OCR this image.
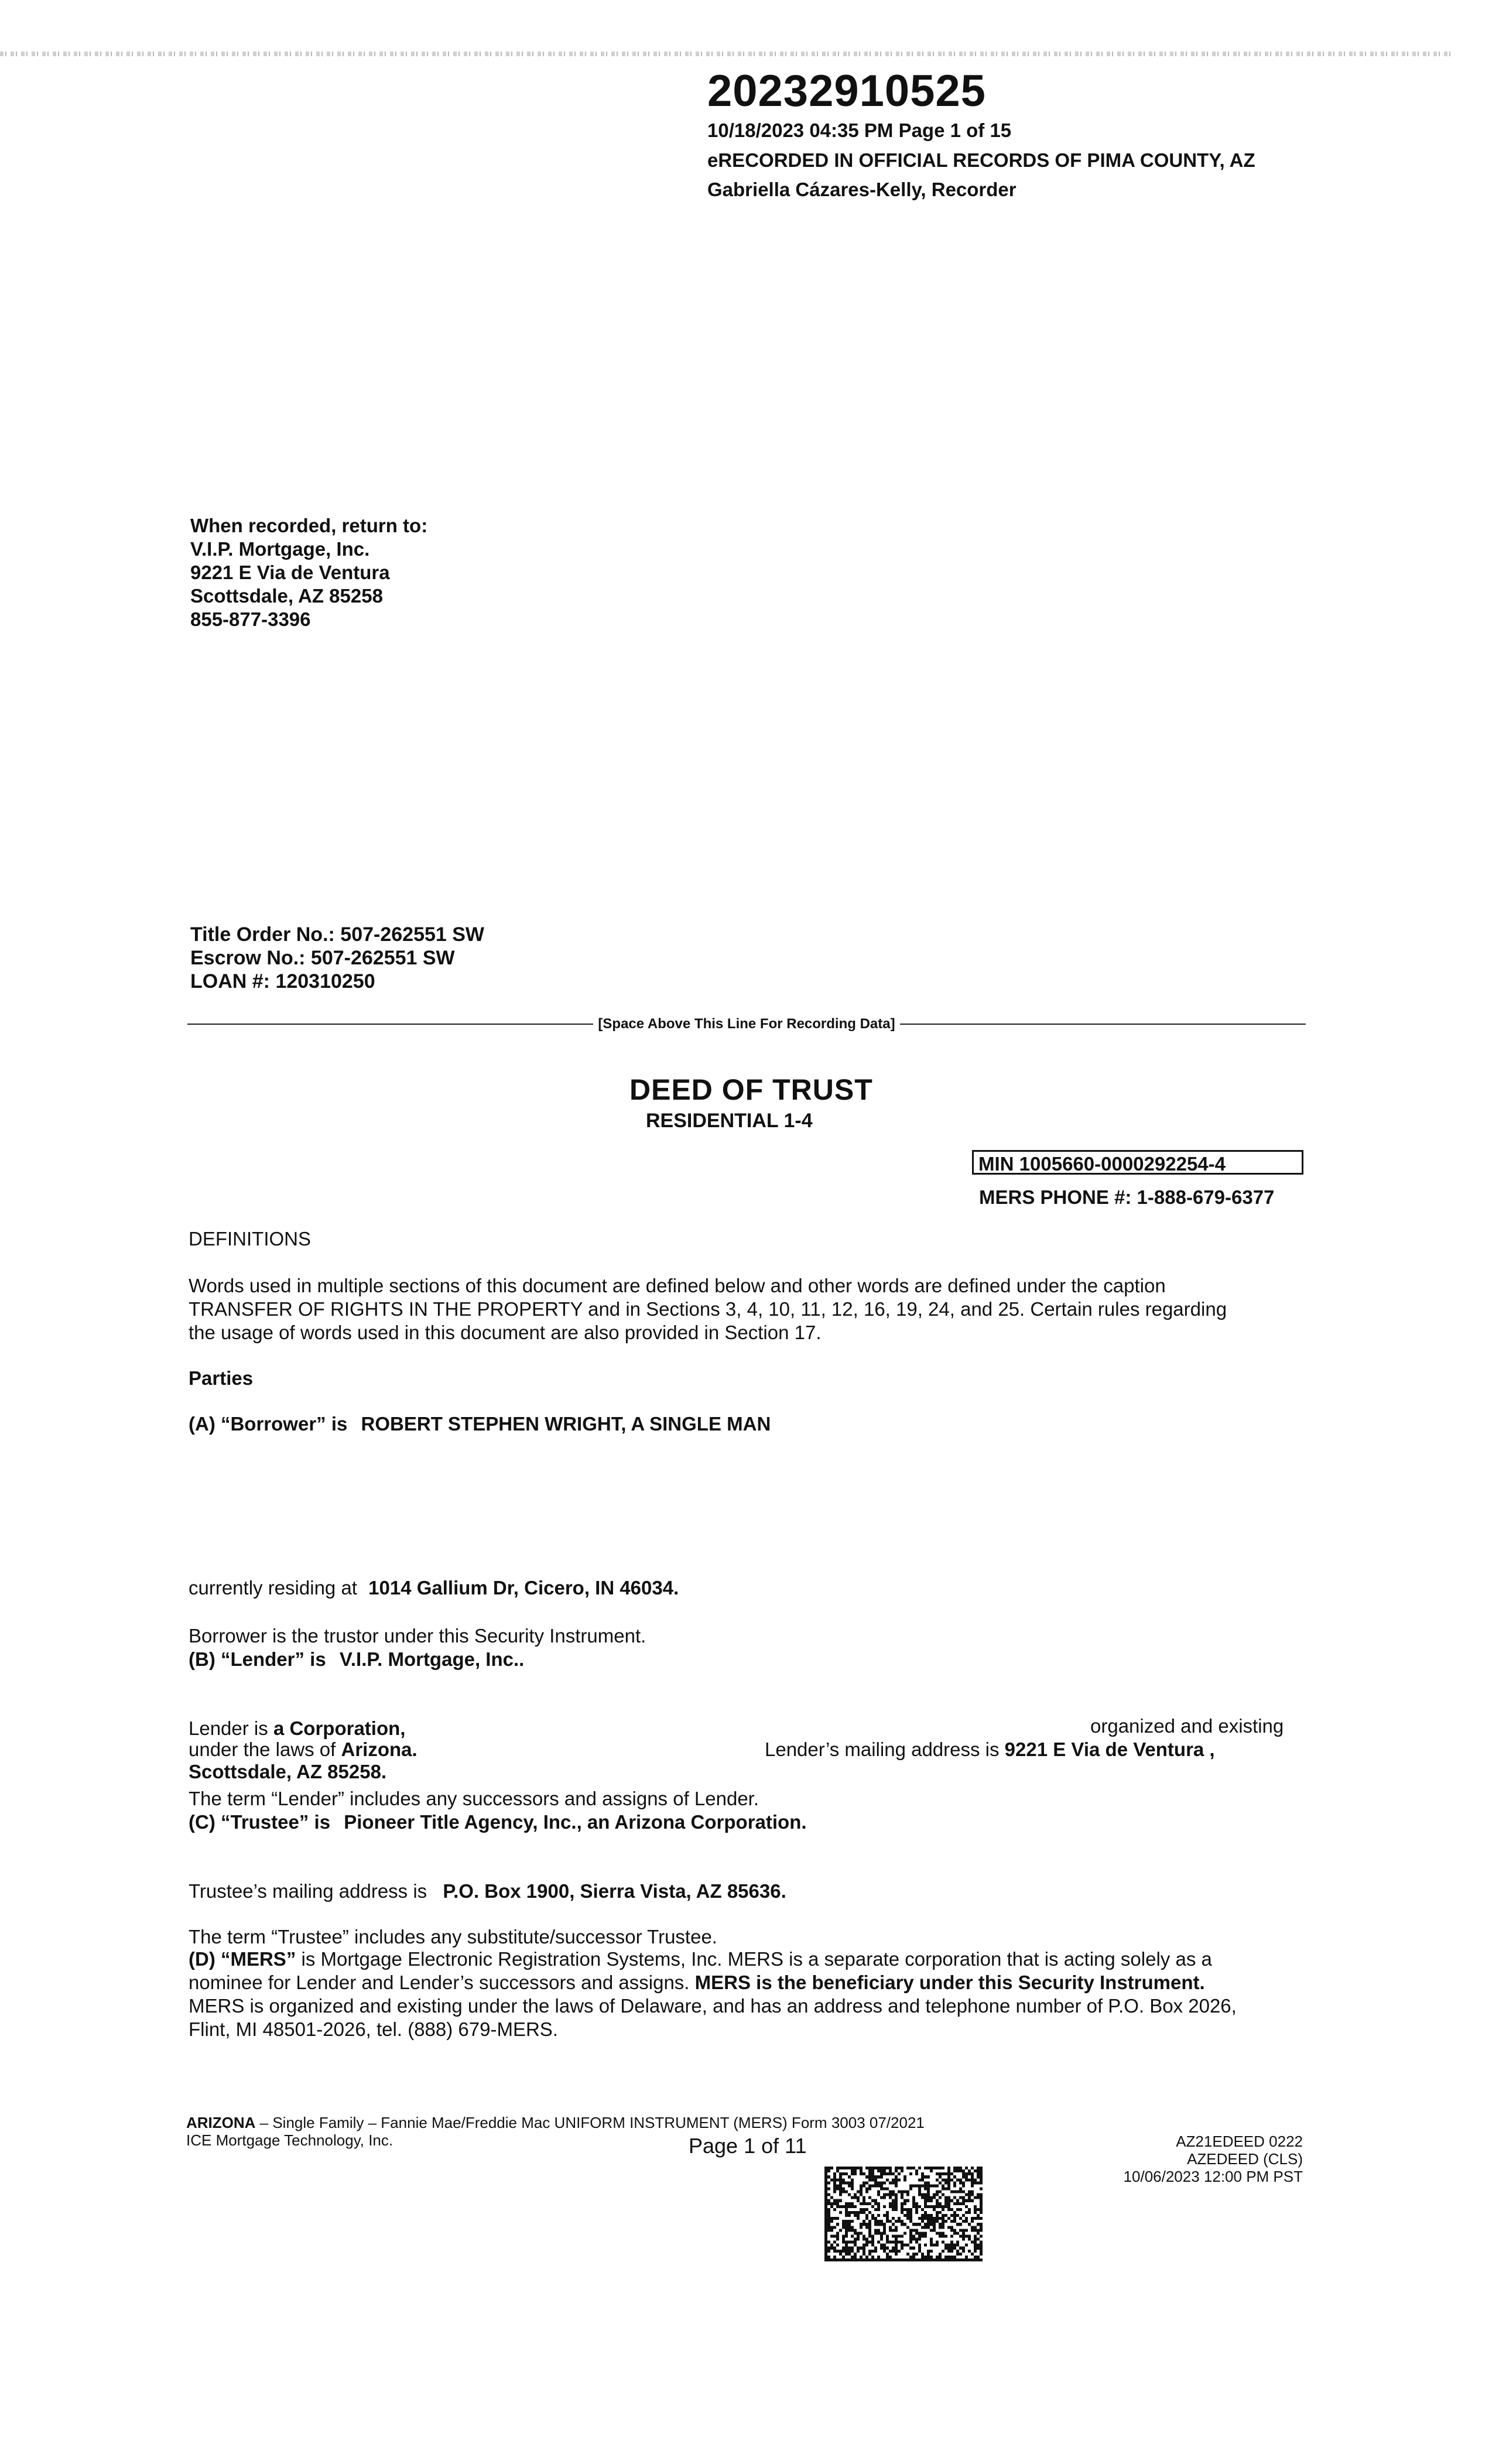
20232910525
10/18/2023 04:35 PM Page 1 of 15
eRECORDED IN OFFICIAL RECORDS OF PIMA COUNTY, AZ
Gabriella Cázares-Kelly, Recorder
When recorded, return to:
V.I.P. Mortgage, Inc.
9221 E Via de Ventura
Scottsdale, AZ 85258
855-877-3396
Title Order No.: 507-262551 SW
Escrow No.: 507-262551 SW
LOAN #: 120310250
[Space Above This Line For Recording Data]
DEED OF TRUST
RESIDENTIAL 1-4
MIN 1005660-0000292254-4
MERS PHONE #: 1-888-679-6377
DEFINITIONS
Words used in multiple sections of this document are defined below and other words are defined under the caption
TRANSFER OF RIGHTS IN THE PROPERTY and in Sections 3, 4, 10, 11, 12, 16, 19, 24, and 25. Certain rules regarding
the usage of words used in this document are also provided in Section 17.
Parties
(A) “Borrower” is ROBERT STEPHEN WRIGHT, A SINGLE MAN
currently residing at 1014 Gallium Dr, Cicero, IN 46034.
Borrower is the trustor under this Security Instrument.
(B) “Lender” is V.I.P. Mortgage, Inc..
Lender is a Corporation,	organized and existing
under the laws of Arizona.	Lender’s mailing address is 9221 E Via de Ventura ,
Scottsdale, AZ 85258.
The term “Lender” includes any successors and assigns of Lender.
(C) “Trustee” is Pioneer Title Agency, Inc., an Arizona Corporation.
Trustee’s mailing address is P.O. Box 1900, Sierra Vista, AZ 85636.
The term “Trustee” includes any substitute/successor Trustee.
(D) “MERS” is Mortgage Electronic Registration Systems, Inc. MERS is a separate corporation that is acting solely as a
nominee for Lender and Lender’s successors and assigns. MERS is the beneficiary under this Security Instrument.
MERS is organized and existing under the laws of Delaware, and has an address and telephone number of P.O. Box 2026,
Flint, MI 48501-2026, tel. (888) 679-MERS.
ARIZONA – Single Family – Fannie Mae/Freddie Mac UNIFORM INSTRUMENT (MERS) Form 3003 07/2021
ICE Mortgage Technology, Inc.	Page 1 of 11	AZ21EDEED 0222
AZEDEED (CLS)
10/06/2023 12:00 PM PST
